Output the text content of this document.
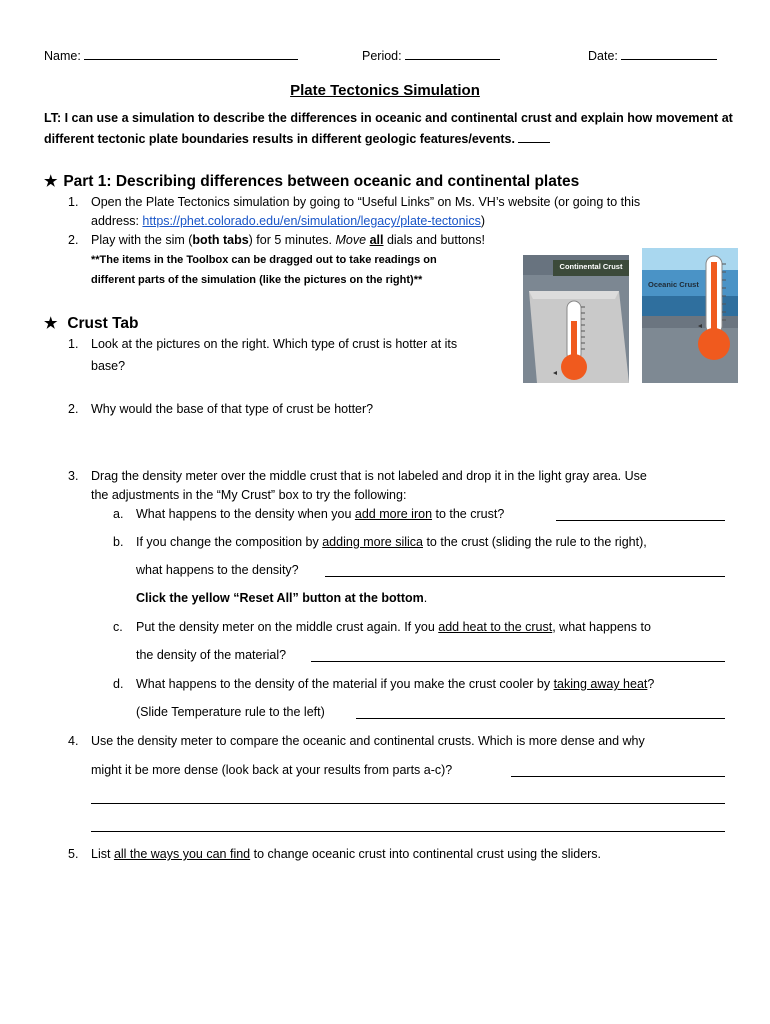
Name:	Period:	Date:
Plate Tectonics Simulation
LT: I can use a simulation to describe the differences in oceanic and continental crust and explain how movement at different tectonic plate boundaries results in different geologic features/events.
★ Part 1: Describing differences between oceanic and continental plates
1. Open the Plate Tectonics simulation by going to “Useful Links” on Ms. VH’s website (or going to this
address: https://phet.colorado.edu/en/simulation/legacy/plate-tectonics)
2. Play with the sim (both tabs) for 5 minutes. Move all dials and buttons!
**The items in the Toolbox can be dragged out to take readings on
different parts of the simulation (like the pictures on the right)**
Continental Crust
Oceanic Crust
★ Crust Tab
1. Look at the pictures on the right. Which type of crust is hotter at its
base?
2. Why would the base of that type of crust be hotter?
3. Drag the density meter over the middle crust that is not labeled and drop it in the light gray area. Use
the adjustments in the “My Crust” box to try the following:
a. What happens to the density when you add more iron to the crust?
b. If you change the composition by adding more silica to the crust (sliding the rule to the right),
what happens to the density?
Click the yellow “Reset All” button at the bottom.
c. Put the density meter on the middle crust again. If you add heat to the crust, what happens to
the density of the material?
d. What happens to the density of the material if you make the crust cooler by taking away heat?
(Slide Temperature rule to the left)
4. Use the density meter to compare the oceanic and continental crusts. Which is more dense and why
might it be more dense (look back at your results from parts a-c)?
5. List all the ways you can find to change oceanic crust into continental crust using the sliders.
